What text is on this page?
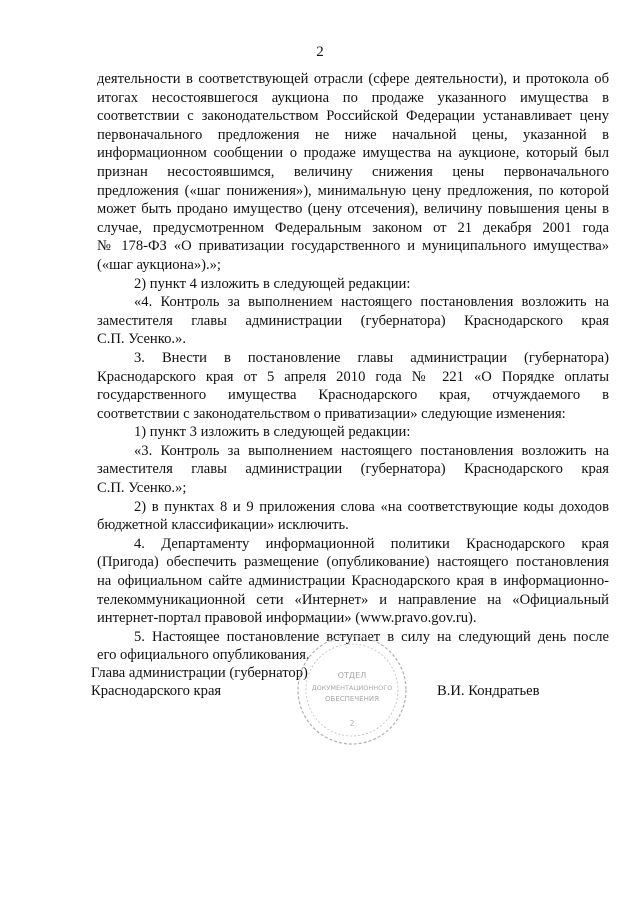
2
деятельности в соответствующей отрасли (сфере деятельности), и протокола об
итогах несостоявшегося аукциона по продаже указанного имущества в
соответствии с законодательством Российской Федерации устанавливает цену
первоначального предложения не ниже начальной цены, указанной в
информационном сообщении о продаже имущества на аукционе, который был
признан несостоявшимся, величину снижения цены первоначального
предложения («шаг понижения»), минимальную цену предложения, по которой
может быть продано имущество (цену отсечения), величину повышения цены в
случае, предусмотренном Федеральным законом от 21 декабря 2001 года
№ 178-ФЗ «О приватизации государственного и муниципального имущества»
(«шаг аукциона»).»;
2) пункт 4 изложить в следующей редакции:
«4. Контроль за выполнением настоящего постановления возложить на
заместителя главы администрации (губернатора) Краснодарского края
С.П. Усенко.».
3. Внести в постановление главы администрации (губернатора)
Краснодарского края от 5 апреля 2010 года № 221 «О Порядке оплаты
государственного имущества Краснодарского края, отчуждаемого в
соответствии с законодательством о приватизации» следующие изменения:
1) пункт 3 изложить в следующей редакции:
«3. Контроль за выполнением настоящего постановления возложить на
заместителя главы администрации (губернатора) Краснодарского края
С.П. Усенко.»;
2) в пунктах 8 и 9 приложения слова «на соответствующие коды доходов
бюджетной классификации» исключить.
4. Департаменту информационной политики Краснодарского края
(Пригода) обеспечить размещение (опубликование) настоящего постановления
на официальном сайте администрации Краснодарского края в информационно-
телекоммуникационной сети «Интернет» и направление на «Официальный
интернет-портал правовой информации» (www.pravo.gov.ru).
5. Настоящее постановление вступает в силу на следующий день после
его официального опубликования.
Глава администрации (губернатор)
Краснодарского края	В.И. Кондратьев
ОТДЕЛ
ДОКУМЕНТАЦИОННОГО
ОБЕСПЕЧЕНИЯ
2
